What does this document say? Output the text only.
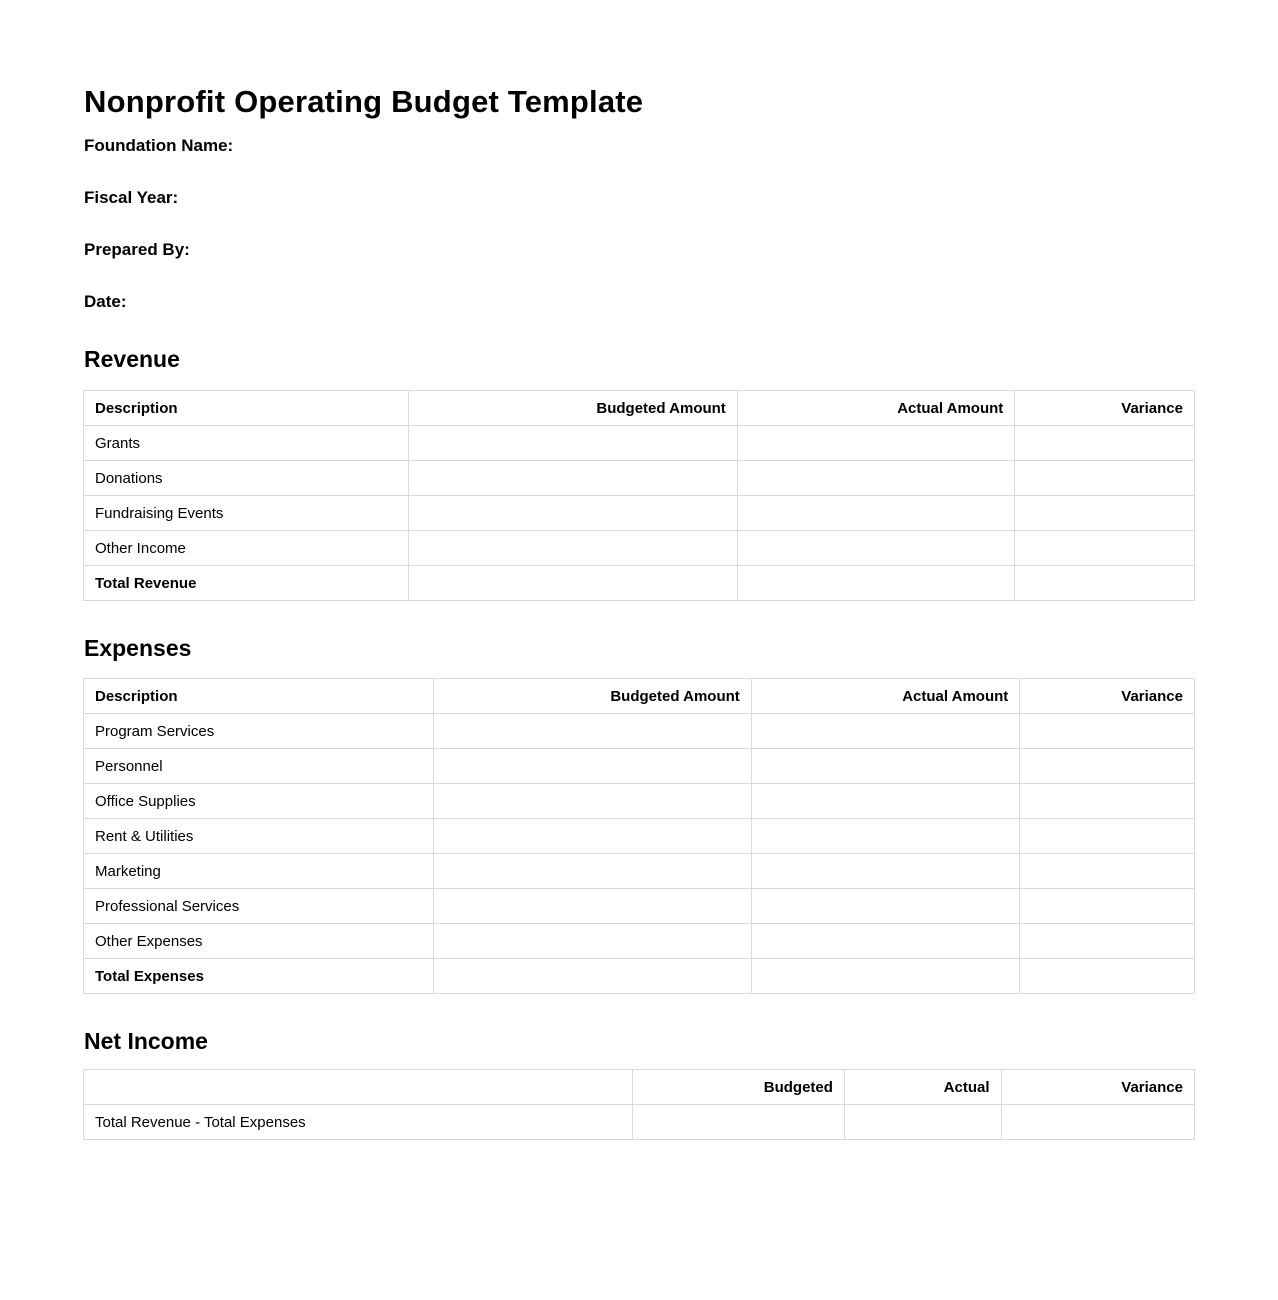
Nonprofit Operating Budget Template

Foundation Name:

Fiscal Year:

Prepared By:

Date:

Revenue
Description	Budgeted Amount	Actual Amount	Variance
Grants			
Donations			
Fundraising Events			
Other Income			
Total Revenue			
Expenses
Description	Budgeted Amount	Actual Amount	Variance
Program Services			
Personnel			
Office Supplies			
Rent & Utilities			
Marketing			
Professional Services			
Other Expenses			
Total Expenses			
Net Income
	Budgeted	Actual	Variance
Total Revenue - Total Expenses			
